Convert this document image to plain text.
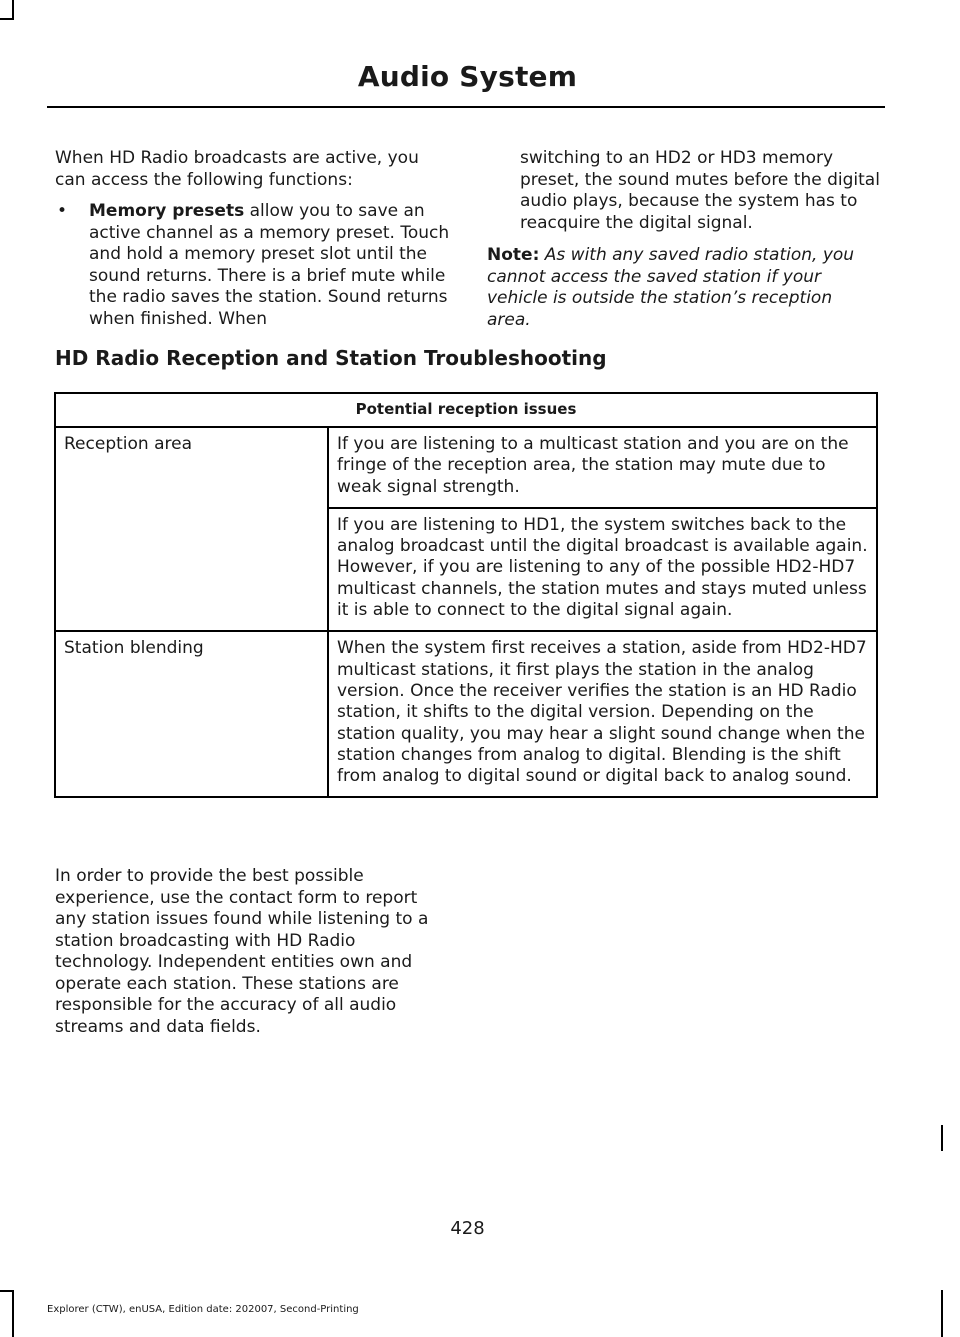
Audio System

When HD Radio broadcasts are active, you can access the following functions:

• Memory presets allow you to save an active channel as a memory preset. Touch and hold a memory preset slot until the sound returns. There is a brief mute while the radio saves the station. Sound returns when finished. When

switching to an HD2 or HD3 memory preset, the sound mutes before the digital audio plays, because the system has to reacquire the digital signal.

Note: As with any saved radio station, you cannot access the saved station if your vehicle is outside the station’s reception area.

HD Radio Reception and Station Troubleshooting
Potential reception issues	
Reception area	If you are listening to a multicast station and you are on the fringe of the reception area, the station may mute due to weak signal strength.
	If you are listening to HD1, the system switches back to the analog broadcast until the digital broadcast is available again. However, if you are listening to any of the possible HD2-HD7 multicast channels, the station mutes and stays muted unless it is able to connect to the digital signal again.
Station blending	When the system first receives a station, aside from HD2-HD7 multicast stations, it first plays the station in the analog version. Once the receiver verifies the station is an HD Radio station, it shifts to the digital version. Depending on the station quality, you may hear a slight sound change when the station changes from analog to digital. Blending is the shift from analog to digital sound or digital back to analog sound.

In order to provide the best possible experience, use the contact form to report any station issues found while listening to a station broadcasting with HD Radio technology. Independent entities own and operate each station. These stations are responsible for the accuracy of all audio streams and data fields.

428
Explorer (CTW), enUSA, Edition date: 202007, Second-Printing
